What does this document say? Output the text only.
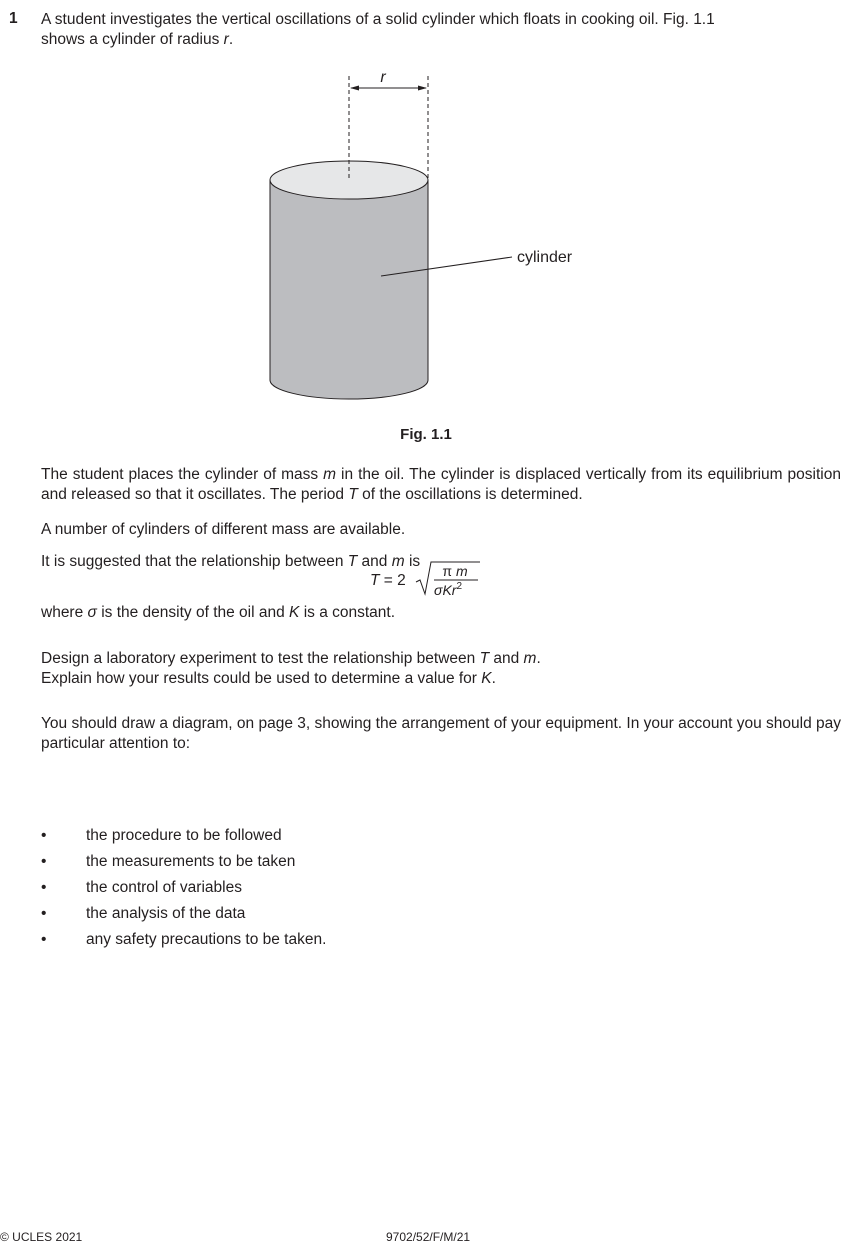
1 A student investigates the vertical oscillations of a solid cylinder which floats in cooking oil. Fig. 1.1
shows a cylinder of radius r.
r
cylinder
Fig. 1.1
The student places the cylinder of mass m in the oil. The cylinder is displaced vertically from its equilibrium position and released so that it oscillates. The period T of the oscillations is determined.
A number of cylinders of different mass are available.
It is suggested that the relationship between T and m is
T = 2
π m
σKr$^2$
where σ is the density of the oil and K is a constant.
Design a laboratory experiment to test the relationship between T and m.
Explain how your results could be used to determine a value for K.
You should draw a diagram, on page 3, showing the arrangement of your equipment. In your account you should pay particular attention to:
•	the procedure to be followed
•	the measurements to be taken
•	the control of variables
•	the analysis of the data
•	any safety precautions to be taken.
© UCLES 2021	9702/52/F/M/21
